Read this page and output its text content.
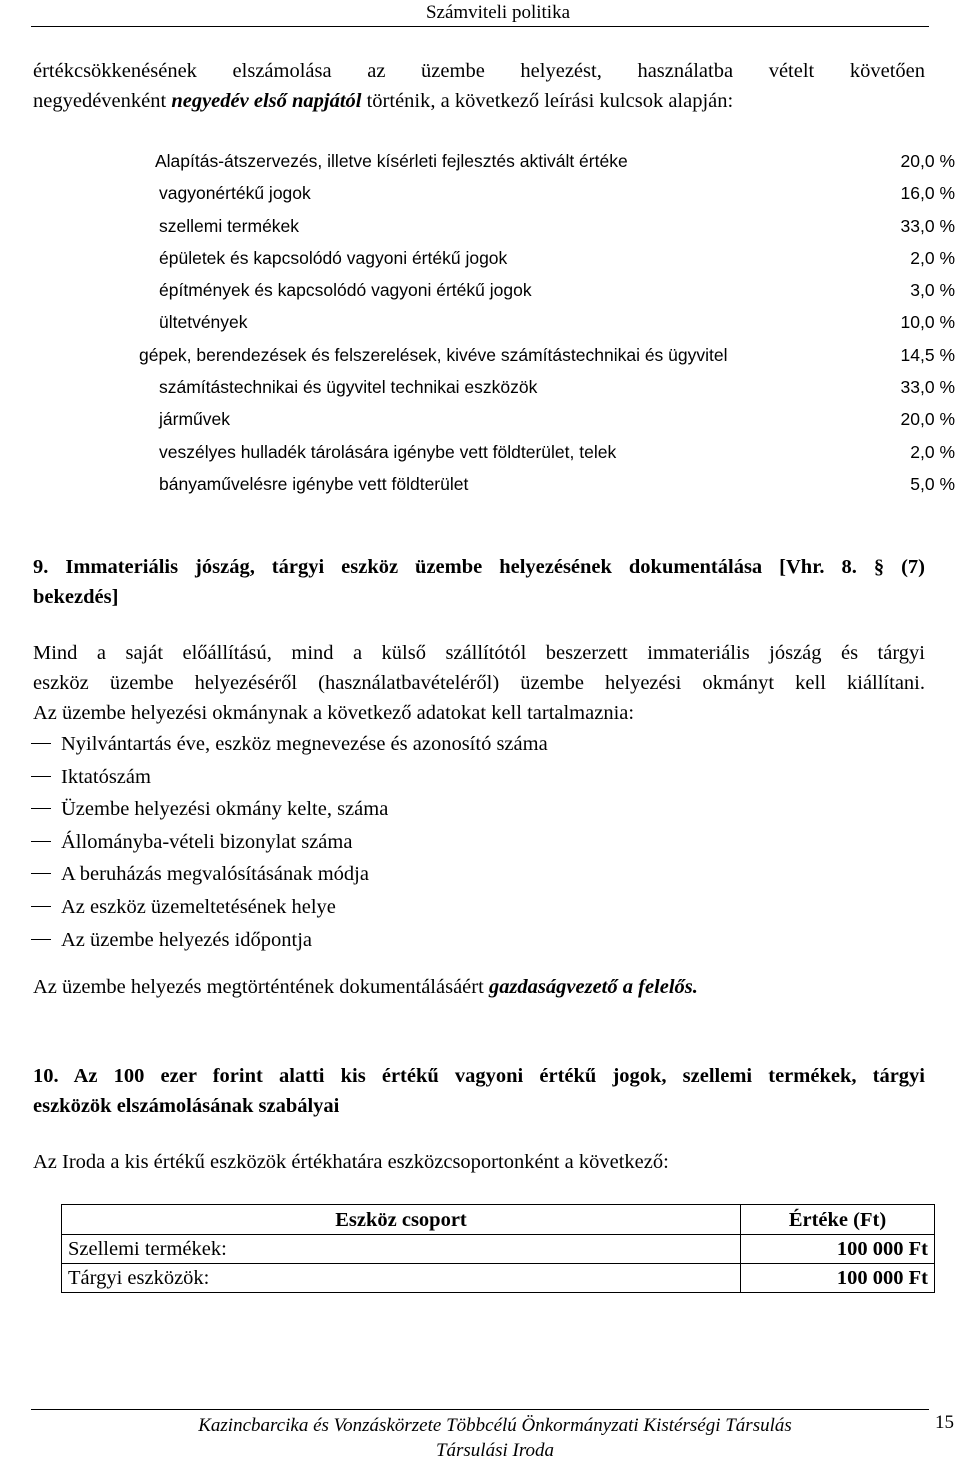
Számviteli politika
értékcsökkenésének elszámolása az üzembe helyezést, használatba vételt követően
negyedévenként negyedév első napjától történik, a következő leírási kulcsok alapján:
Alapítás-átszervezés, illetve kísérleti fejlesztés aktivált értéke	20,0 %
vagyonértékű jogok	16,0 %
szellemi termékek	33,0 %
épületek és kapcsolódó vagyoni értékű jogok	2,0 %
építmények és kapcsolódó vagyoni értékű jogok	3,0 %
ültetvények	10,0 %
gépek, berendezések és felszerelések, kivéve számítástechnikai és ügyvitel	14,5 %
számítástechnikai és ügyvitel technikai eszközök	33,0 %
járművek	20,0 %
veszélyes hulladék tárolására igénybe vett földterület, telek	2,0 %
bányaművelésre igénybe vett földterület	5,0 %
9. Immateriális jószág, tárgyi eszköz üzembe helyezésének dokumentálása [Vhr. 8. § (7)
bekezdés]
Mind a saját előállítású, mind a külső szállítótól beszerzett immateriális jószág és tárgyi
eszköz üzembe helyezéséről (használatbavételéről) üzembe helyezési okmányt kell kiállítani.
Az üzembe helyezési okmánynak a következő adatokat kell tartalmaznia:
Nyilvántartás éve, eszköz megnevezése és azonosító száma
Iktatószám
Üzembe helyezési okmány kelte, száma
Állományba-vételi bizonylat száma
A beruházás megvalósításának módja
Az eszköz üzemeltetésének helye
Az üzembe helyezés időpontja
Az üzembe helyezés megtörténtének dokumentálásáért gazdaságvezető a felelős.
10. Az 100 ezer forint alatti kis értékű vagyoni értékű jogok, szellemi termékek, tárgyi
eszközök elszámolásának szabályai
Az Iroda a kis értékű eszközök értékhatára eszközcsoportonként a következő:
Eszköz csoport	Értéke (Ft)
Szellemi termékek:	100 000 Ft
Tárgyi eszközök:	100 000 Ft
Kazincbarcika és Vonzáskörzete Többcélú Önkormányzati Kistérségi Társulás
Társulási Iroda
15
